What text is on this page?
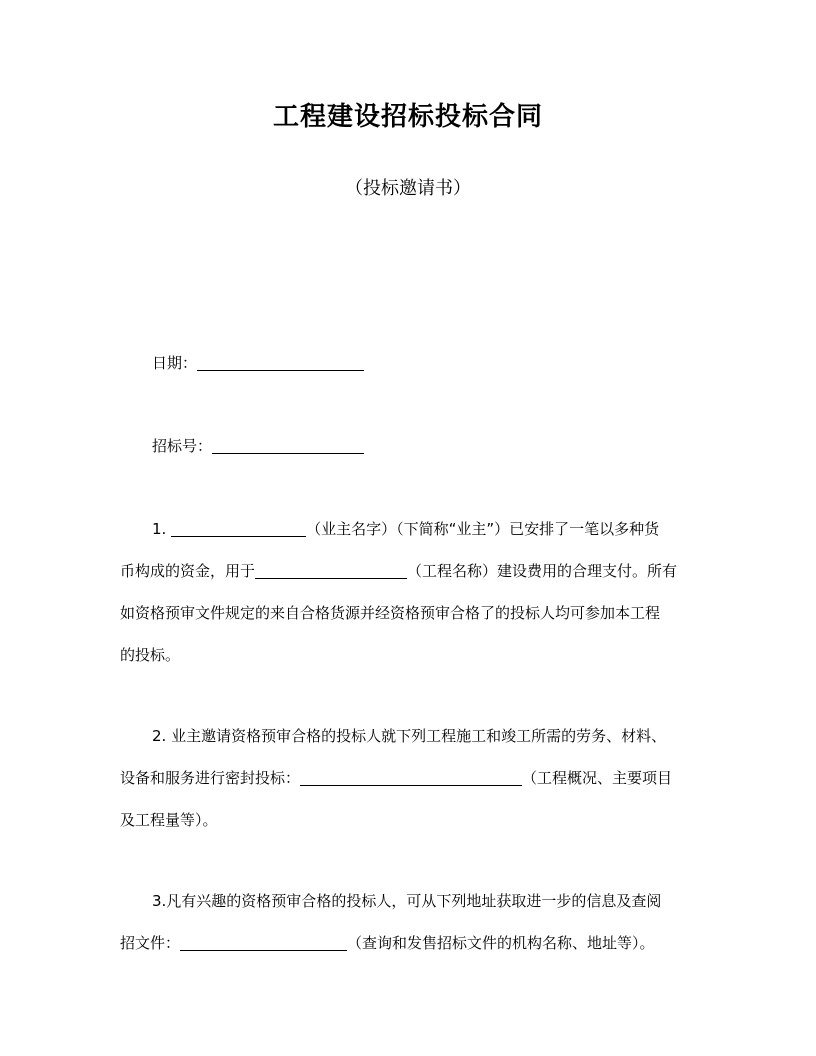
工程建设招标投标合同
（投标邀请书）
日期：
招标号：
1.	（业主名字）（下简称“业主”）已安排了一笔以多种货
币构成的资金，用于	（工程名称）建设费用的合理支付。所有
如资格预审文件规定的来自合格货源并经资格预审合格了的投标人均可参加本工程
的投标。
2. 业主邀请资格预审合格的投标人就下列工程施工和竣工所需的劳务、材料、
设备和服务进行密封投标：	（工程概况、主要项目
及工程量等）。
3.凡有兴趣的资格预审合格的投标人，可从下列地址获取进一步的信息及查阅
招文件：	（查询和发售招标文件的机构名称、地址等）。
